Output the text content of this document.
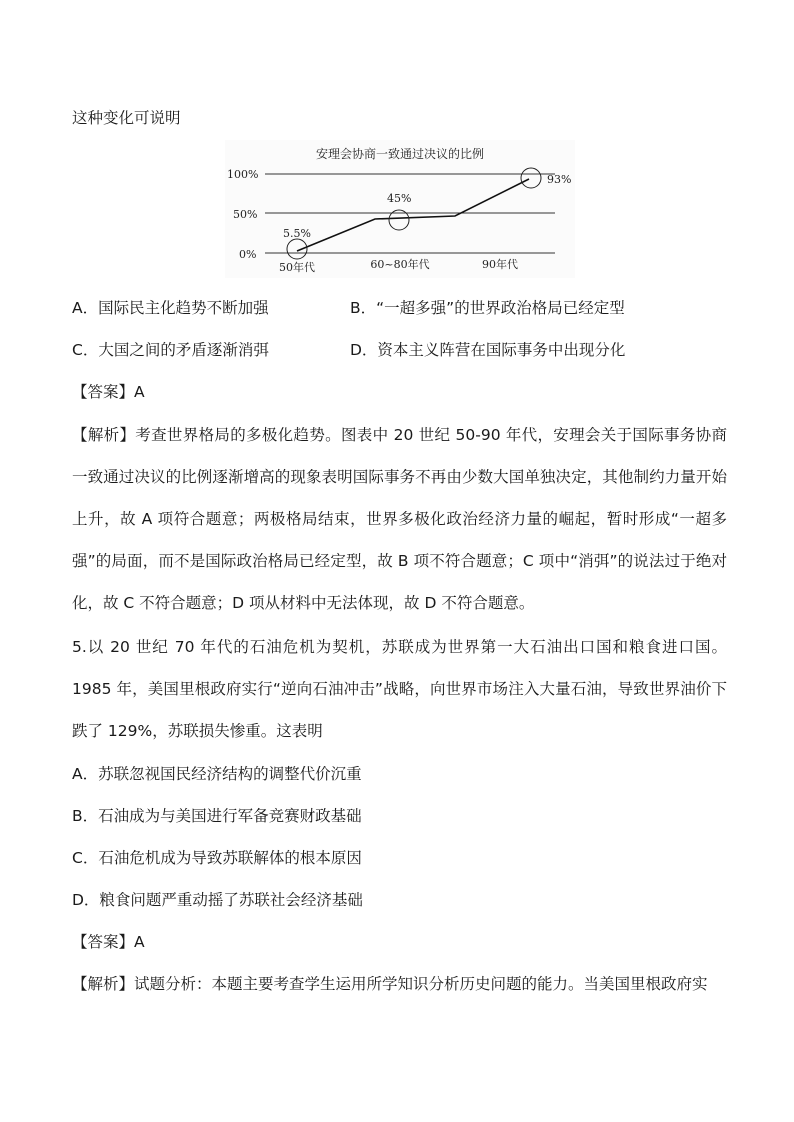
这种变化可说明
安理会协商一致通过决议的比例
100%
50%
0%
5.5%
45%
93%
50年代	60~80年代	90年代
A．国际民主化趋势不断加强	B．“一超多强”的世界政治格局已经定型
C．大国之间的矛盾逐渐消弭	D．资本主义阵营在国际事务中出现分化
【答案】A
【解析】考查世界格局的多极化趋势。图表中 20 世纪 50-90 年代，安理会关于国际事务协商一致通过决议的比例逐渐增高的现象表明国际事务不再由少数大国单独决定，其他制约力量开始上升，故 A 项符合题意；两极格局结束，世界多极化政治经济力量的崛起，暂时形成“一超多强”的局面，而不是国际政治格局已经定型，故 B 项不符合题意；C 项中“消弭”的说法过于绝对化，故 C 不符合题意；D 项从材料中无法体现，故 D 不符合题意。
5.以 20 世纪 70 年代的石油危机为契机，苏联成为世界第一大石油出口国和粮食进口国。1985 年，美国里根政府实行“逆向石油冲击”战略，向世界市场注入大量石油，导致世界油价下跌了 129%，苏联损失惨重。这表明
A．苏联忽视国民经济结构的调整代价沉重
B．石油成为与美国进行军备竞赛财政基础
C．石油危机成为导致苏联解体的根本原因
D．粮食问题严重动摇了苏联社会经济基础
【答案】A
【解析】试题分析：本题主要考查学生运用所学知识分析历史问题的能力。当美国里根政府实
